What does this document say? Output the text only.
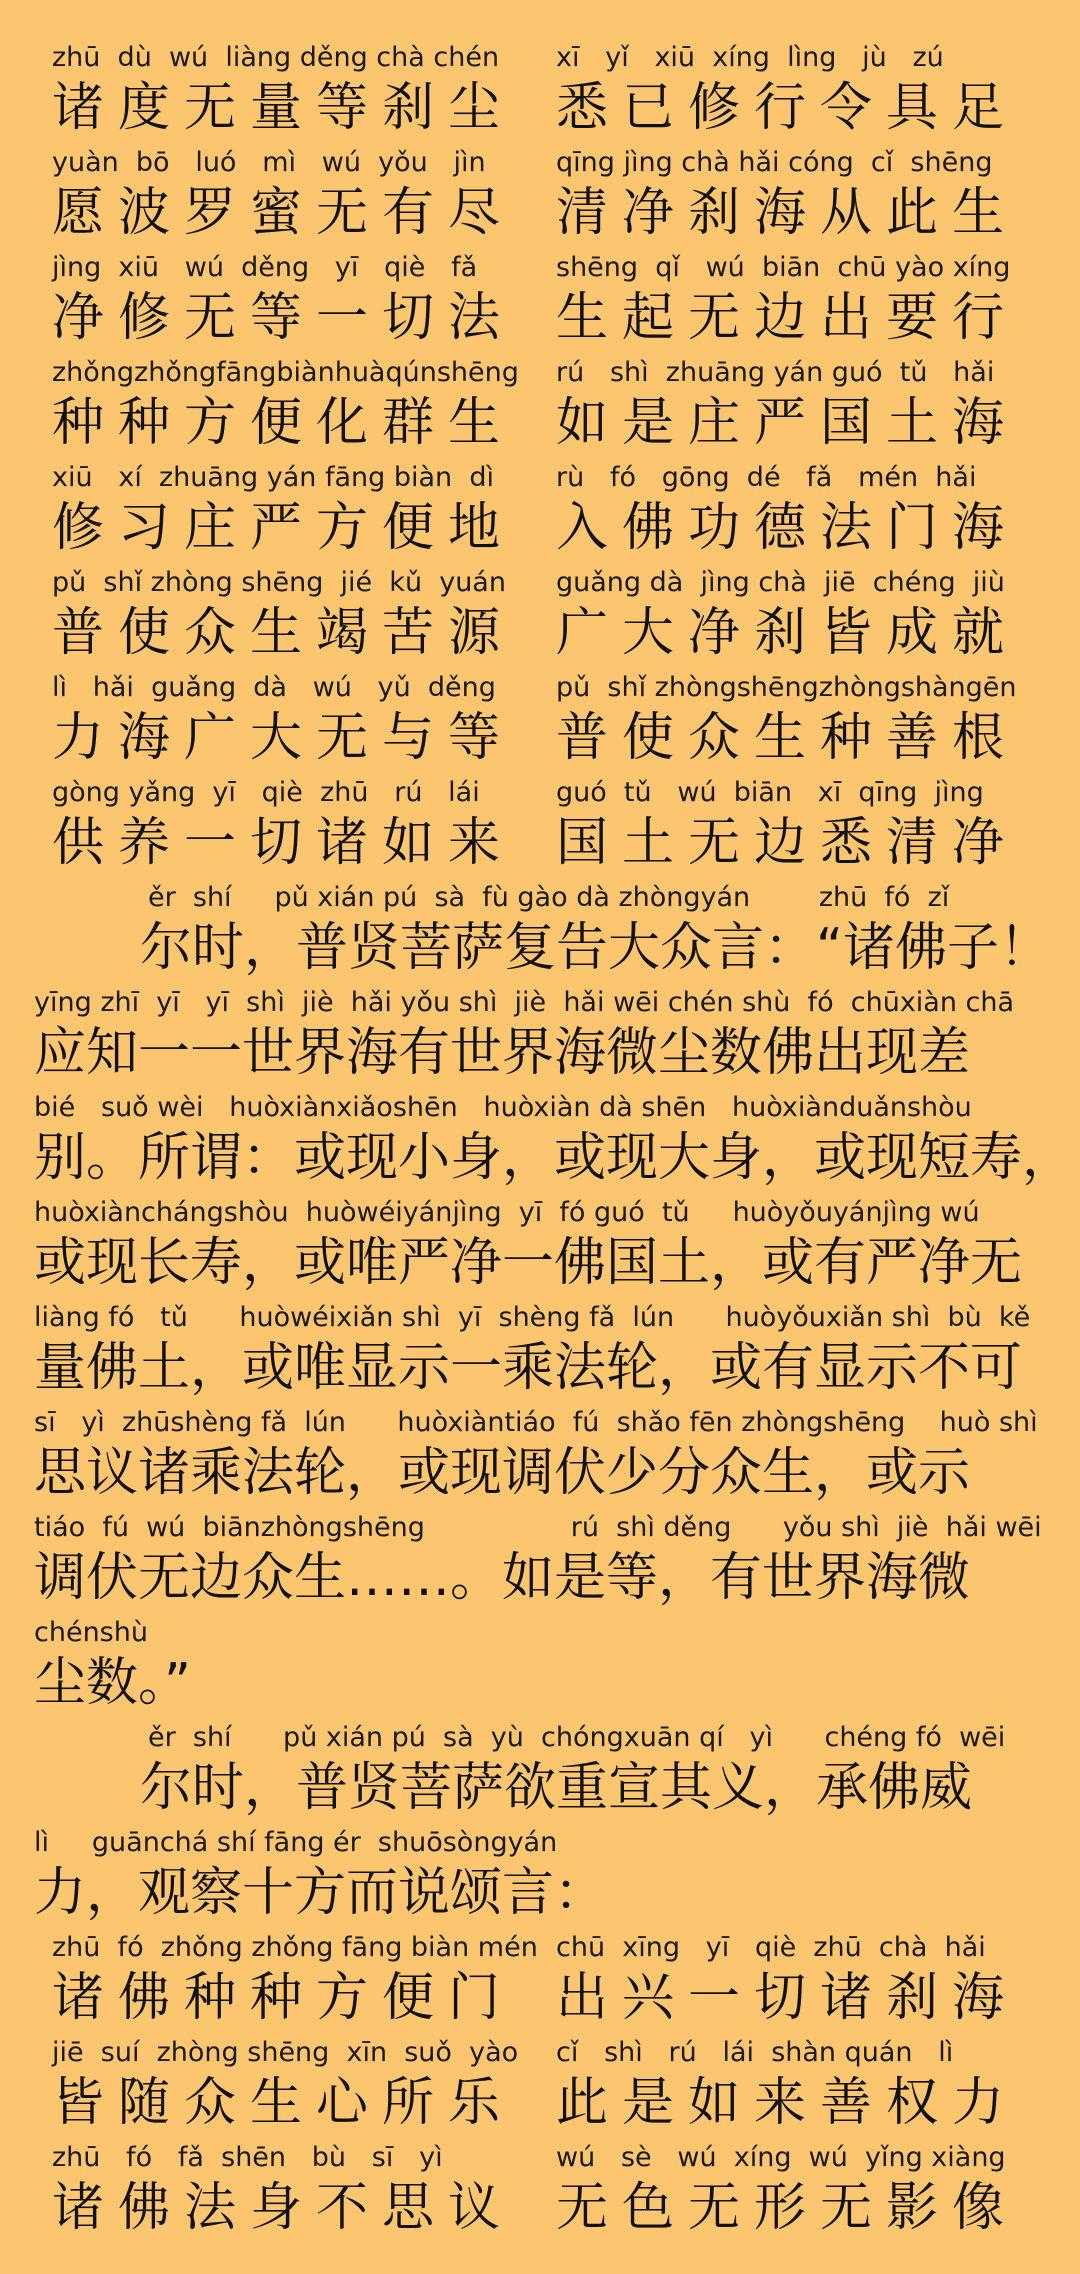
zhū  dù  wú  liàng děng chà chén xī   yǐ   xiū  xíng  lìng   jù   zú
诸度无量等刹尘 悉已修行令具足
yuàn  bō   luó   mì   wú  yǒu   jìn	qīng jìng chà hǎi cóng  cǐ  shēng
愿波罗蜜无有尽 清净刹海从此生
jìng  xiū   wú  děng   yī   qiè   fǎ	shēng  qǐ   wú  biān  chū yào xíng
净修无等一切法 生起无边出要行
zhǒngzhǒngfāngbiànhuàqúnshēng rú   shì  zhuāng yán guó  tǔ   hǎi
种种方便化群生 如是庄严国土海
xiū   xí  zhuāng yán fāng biàn  dì rù   fó   gōng  dé   fǎ   mén  hǎi
修习庄严方便地 入佛功德法门海
pǔ  shǐ zhòng shēng  jié  kǔ  yuán guǎng dà  jìng chà  jiē  chéng  jiù
普使众生竭苦源 广大净刹皆成就
lì   hǎi  guǎng  dà   wú   yǔ  děng pǔ  shǐ zhòngshēngzhòngshàngēn
力海广大无与等 普使众生种善根
gòng yǎng  yī   qiè  zhū   rú   lái	guó  tǔ   wú  biān   xī  qīng  jìng
供养一切诸如来 国土无边悉清净
ěr  shí     pǔ xián pú  sà  fù gào dà zhòngyán        zhū  fó  zǐ
尔时，普贤菩萨复告大众言：“诸佛子！
yīng zhī  yī   yī  shì  jiè  hǎi yǒu shì  jiè  hǎi wēi chén shù  fó  chūxiàn chā
应知一一世界海有世界海微尘数佛出现差
bié   suǒ wèi   huòxiànxiǎoshēn   huòxiàn dà shēn   huòxiànduǎnshòu
别。所谓：或现小身，或现大身，或现短寿，
huòxiànchángshòu  huòwéiyánjìng  yī  fó guó  tǔ     huòyǒuyánjìng wú
或现长寿，或唯严净一佛国土，或有严净无
liàng fó   tǔ      huòwéixiǎn shì  yī  shèng fǎ  lún      huòyǒuxiǎn shì  bù  kě
量佛土，或唯显示一乘法轮，或有显示不可
sī   yì  zhūshèng fǎ  lún      huòxiàntiáo  fú  shǎo fēn zhòngshēng    huò shì
思议诸乘法轮，或现调伏少分众生，或示
tiáo  fú  wú  biānzhòngshēng                 rú  shì děng      yǒu shì  jiè  hǎi wēi
调伏无边众生……。如是等，有世界海微
chénshù
尘数。”
ěr  shí      pǔ xián pú  sà  yù  chóngxuān qí   yì      chéng fó  wēi
尔时，普贤菩萨欲重宣其义，承佛威
lì     guānchá shí fāng ér  shuōsòngyán
力，观察十方而说颂言：
zhū  fó  zhǒng zhǒng fāng biàn mén chū  xīng   yī   qiè  zhū  chà  hǎi
诸佛种种方便门 出兴一切诸刹海
jiē  suí  zhòng shēng  xīn  suǒ  yào cǐ   shì   rú   lái  shàn quán   lì
皆随众生心所乐 此是如来善权力
zhū   fó   fǎ  shēn   bù   sī   yì	wú   sè   wú  xíng  wú  yǐng xiàng
诸佛法身不思议 无色无形无影像
